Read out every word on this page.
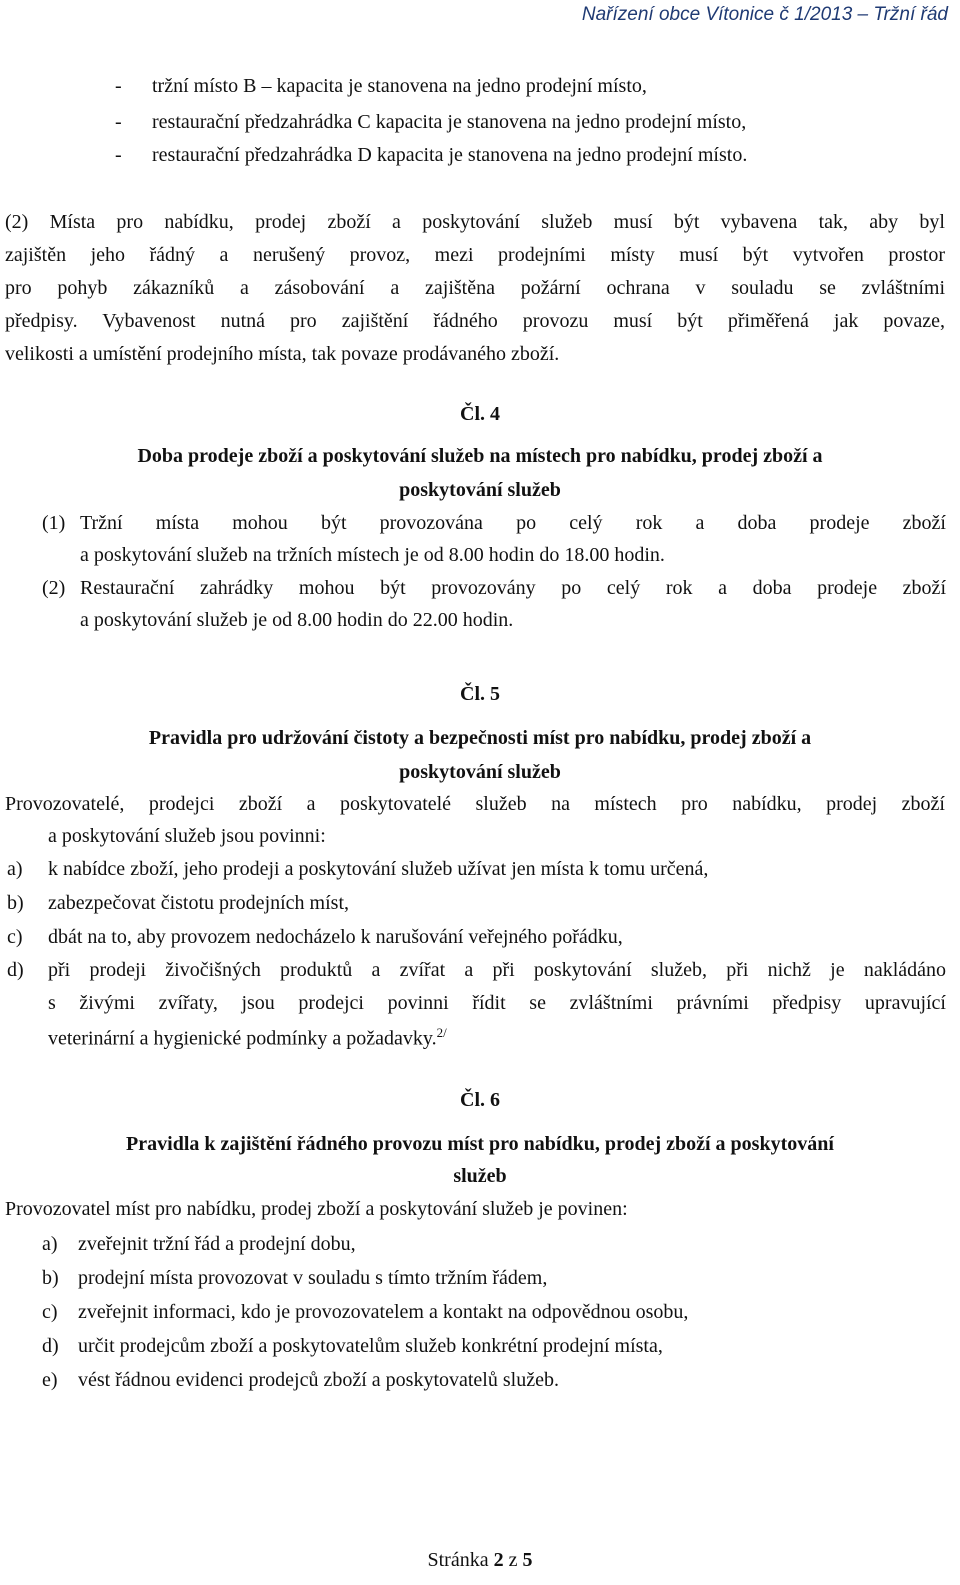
Nařízení obce Vítonice č 1/2013 – Tržní řád
- tržní místo B – kapacita je stanovena na jedno prodejní místo,
- restaurační předzahrádka C kapacita je stanovena na jedno prodejní místo,
- restaurační předzahrádka D kapacita je stanovena na jedno prodejní místo.
(2) Místa pro nabídku, prodej zboží a poskytování služeb musí být vybavena tak, aby byl
zajištěn jeho řádný a nerušený provoz, mezi prodejními místy musí být vytvořen prostor
pro pohyb zákazníků a zásobování a zajištěna požární ochrana v souladu se zvláštními
předpisy. Vybavenost nutná pro zajištění řádného provozu musí být přiměřená jak povaze,
velikosti a umístění prodejního místa, tak povaze prodávaného zboží.
Čl. 4
Doba prodeje zboží a poskytování služeb na místech pro nabídku, prodej zboží a
poskytování služeb
(1) Tržní místa mohou být provozována po celý rok a doba prodeje zboží
a poskytování služeb na tržních místech je od 8.00 hodin do 18.00 hodin.
(2) Restaurační zahrádky mohou být provozovány po celý rok a doba prodeje zboží
a poskytování služeb je od 8.00 hodin do 22.00 hodin.
Čl. 5
Pravidla pro udržování čistoty a bezpečnosti míst pro nabídku, prodej zboží a
poskytování služeb
Provozovatelé, prodejci zboží a poskytovatelé služeb na místech pro nabídku, prodej zboží
a poskytování služeb jsou povinni:
a) k nabídce zboží, jeho prodeji a poskytování služeb užívat jen místa k tomu určená,
b) zabezpečovat čistotu prodejních míst,
c) dbát na to, aby provozem nedocházelo k narušování veřejného pořádku,
d) při prodeji živočišných produktů a zvířat a při poskytování služeb, při nichž je nakládáno
s živými zvířaty, jsou prodejci povinni řídit se zvláštními právními předpisy upravující
veterinární a hygienické podmínky a požadavky.$^{2/}$
Čl. 6
Pravidla k zajištění řádného provozu míst pro nabídku, prodej zboží a poskytování
služeb
Provozovatel míst pro nabídku, prodej zboží a poskytování služeb je povinen:
a) zveřejnit tržní řád a prodejní dobu,
b) prodejní místa provozovat v souladu s tímto tržním řádem,
c) zveřejnit informaci, kdo je provozovatelem a kontakt na odpovědnou osobu,
d) určit prodejcům zboží a poskytovatelům služeb konkrétní prodejní místa,
e) vést řádnou evidenci prodejců zboží a poskytovatelů služeb.
Stránka 2 z 5
